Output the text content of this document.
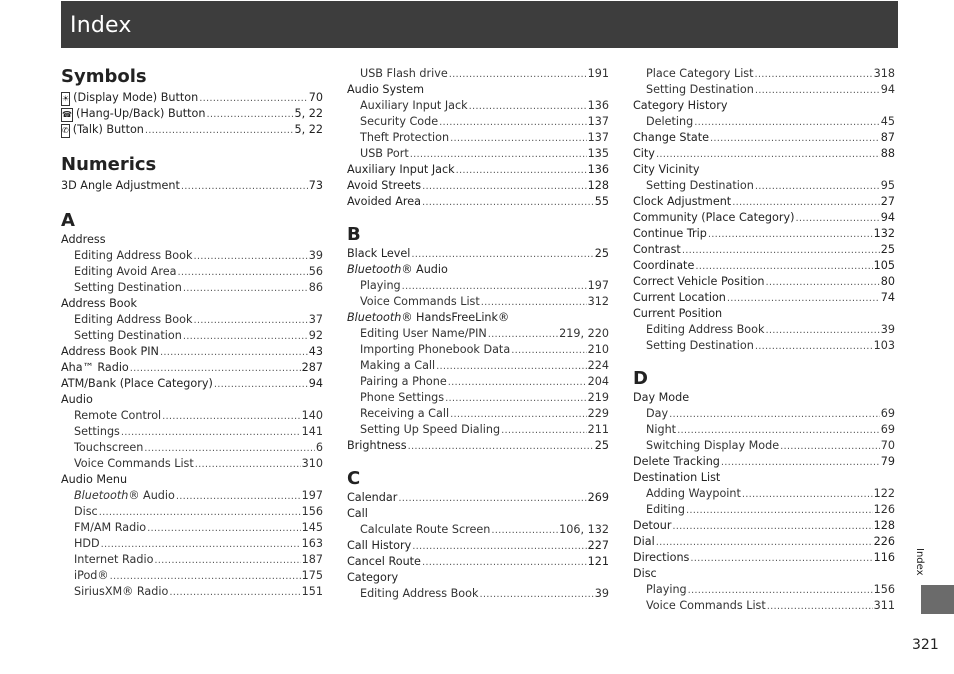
Index
Symbols
☀ (Display Mode) Button .....	70
☎ (Hang-Up/Back) Button .....	5, 22
✆ (Talk) Button .....	5, 22
Numerics
3D Angle Adjustment .....	73
A
Address
Editing Address Book .....	39
Editing Avoid Area .....	56
Setting Destination .....	86
Address Book
Editing Address Book .....	37
Setting Destination .....	92
Address Book PIN .....	43
Aha™ Radio .....	287
ATM/Bank (Place Category) .....	94
Audio
Remote Control .....	140
Settings .....	141
Touchscreen .....	6
Voice Commands List .....	310
Audio Menu
Bluetooth® Audio .....	197
Disc .....	156
FM/AM Radio .....	145
HDD .....	163
Internet Radio .....	187
iPod® .....	175
SiriusXM® Radio .....	151
USB Flash drive .....	191
Audio System
Auxiliary Input Jack .....	136
Security Code .....	137
Theft Protection .....	137
USB Port .....	135
Auxiliary Input Jack .....	136
Avoid Streets .....	128
Avoided Area .....	55
B
Black Level .....	25
Bluetooth® Audio
Playing .....	197
Voice Commands List .....	312
Bluetooth® HandsFreeLink®
Editing User Name/PIN .....	219, 220
Importing Phonebook Data .....	210
Making a Call .....	224
Pairing a Phone .....	204
Phone Settings .....	219
Receiving a Call .....	229
Setting Up Speed Dialing .....	211
Brightness .....	25
C
Calendar .....	269
Call
Calculate Route Screen .....	106, 132
Call History .....	227
Cancel Route .....	121
Category
Editing Address Book .....	39
Place Category List .....	318
Setting Destination .....	94
Category History
Deleting .....	45
Change State .....	87
City .....	88
City Vicinity
Setting Destination .....	95
Clock Adjustment .....	27
Community (Place Category) .....	94
Continue Trip .....	132
Contrast .....	25
Coordinate .....	105
Correct Vehicle Position .....	80
Current Location .....	74
Current Position
Editing Address Book .....	39
Setting Destination .....	103
D
Day Mode
Day .....	69
Night .....	69
Switching Display Mode .....	70
Delete Tracking .....	79
Destination List
Adding Waypoint .....	122
Editing .....	126
Detour .....	128
Dial .....	226
Directions .....	116
Disc
Playing .....	156
Voice Commands List .....	311
Index
321
